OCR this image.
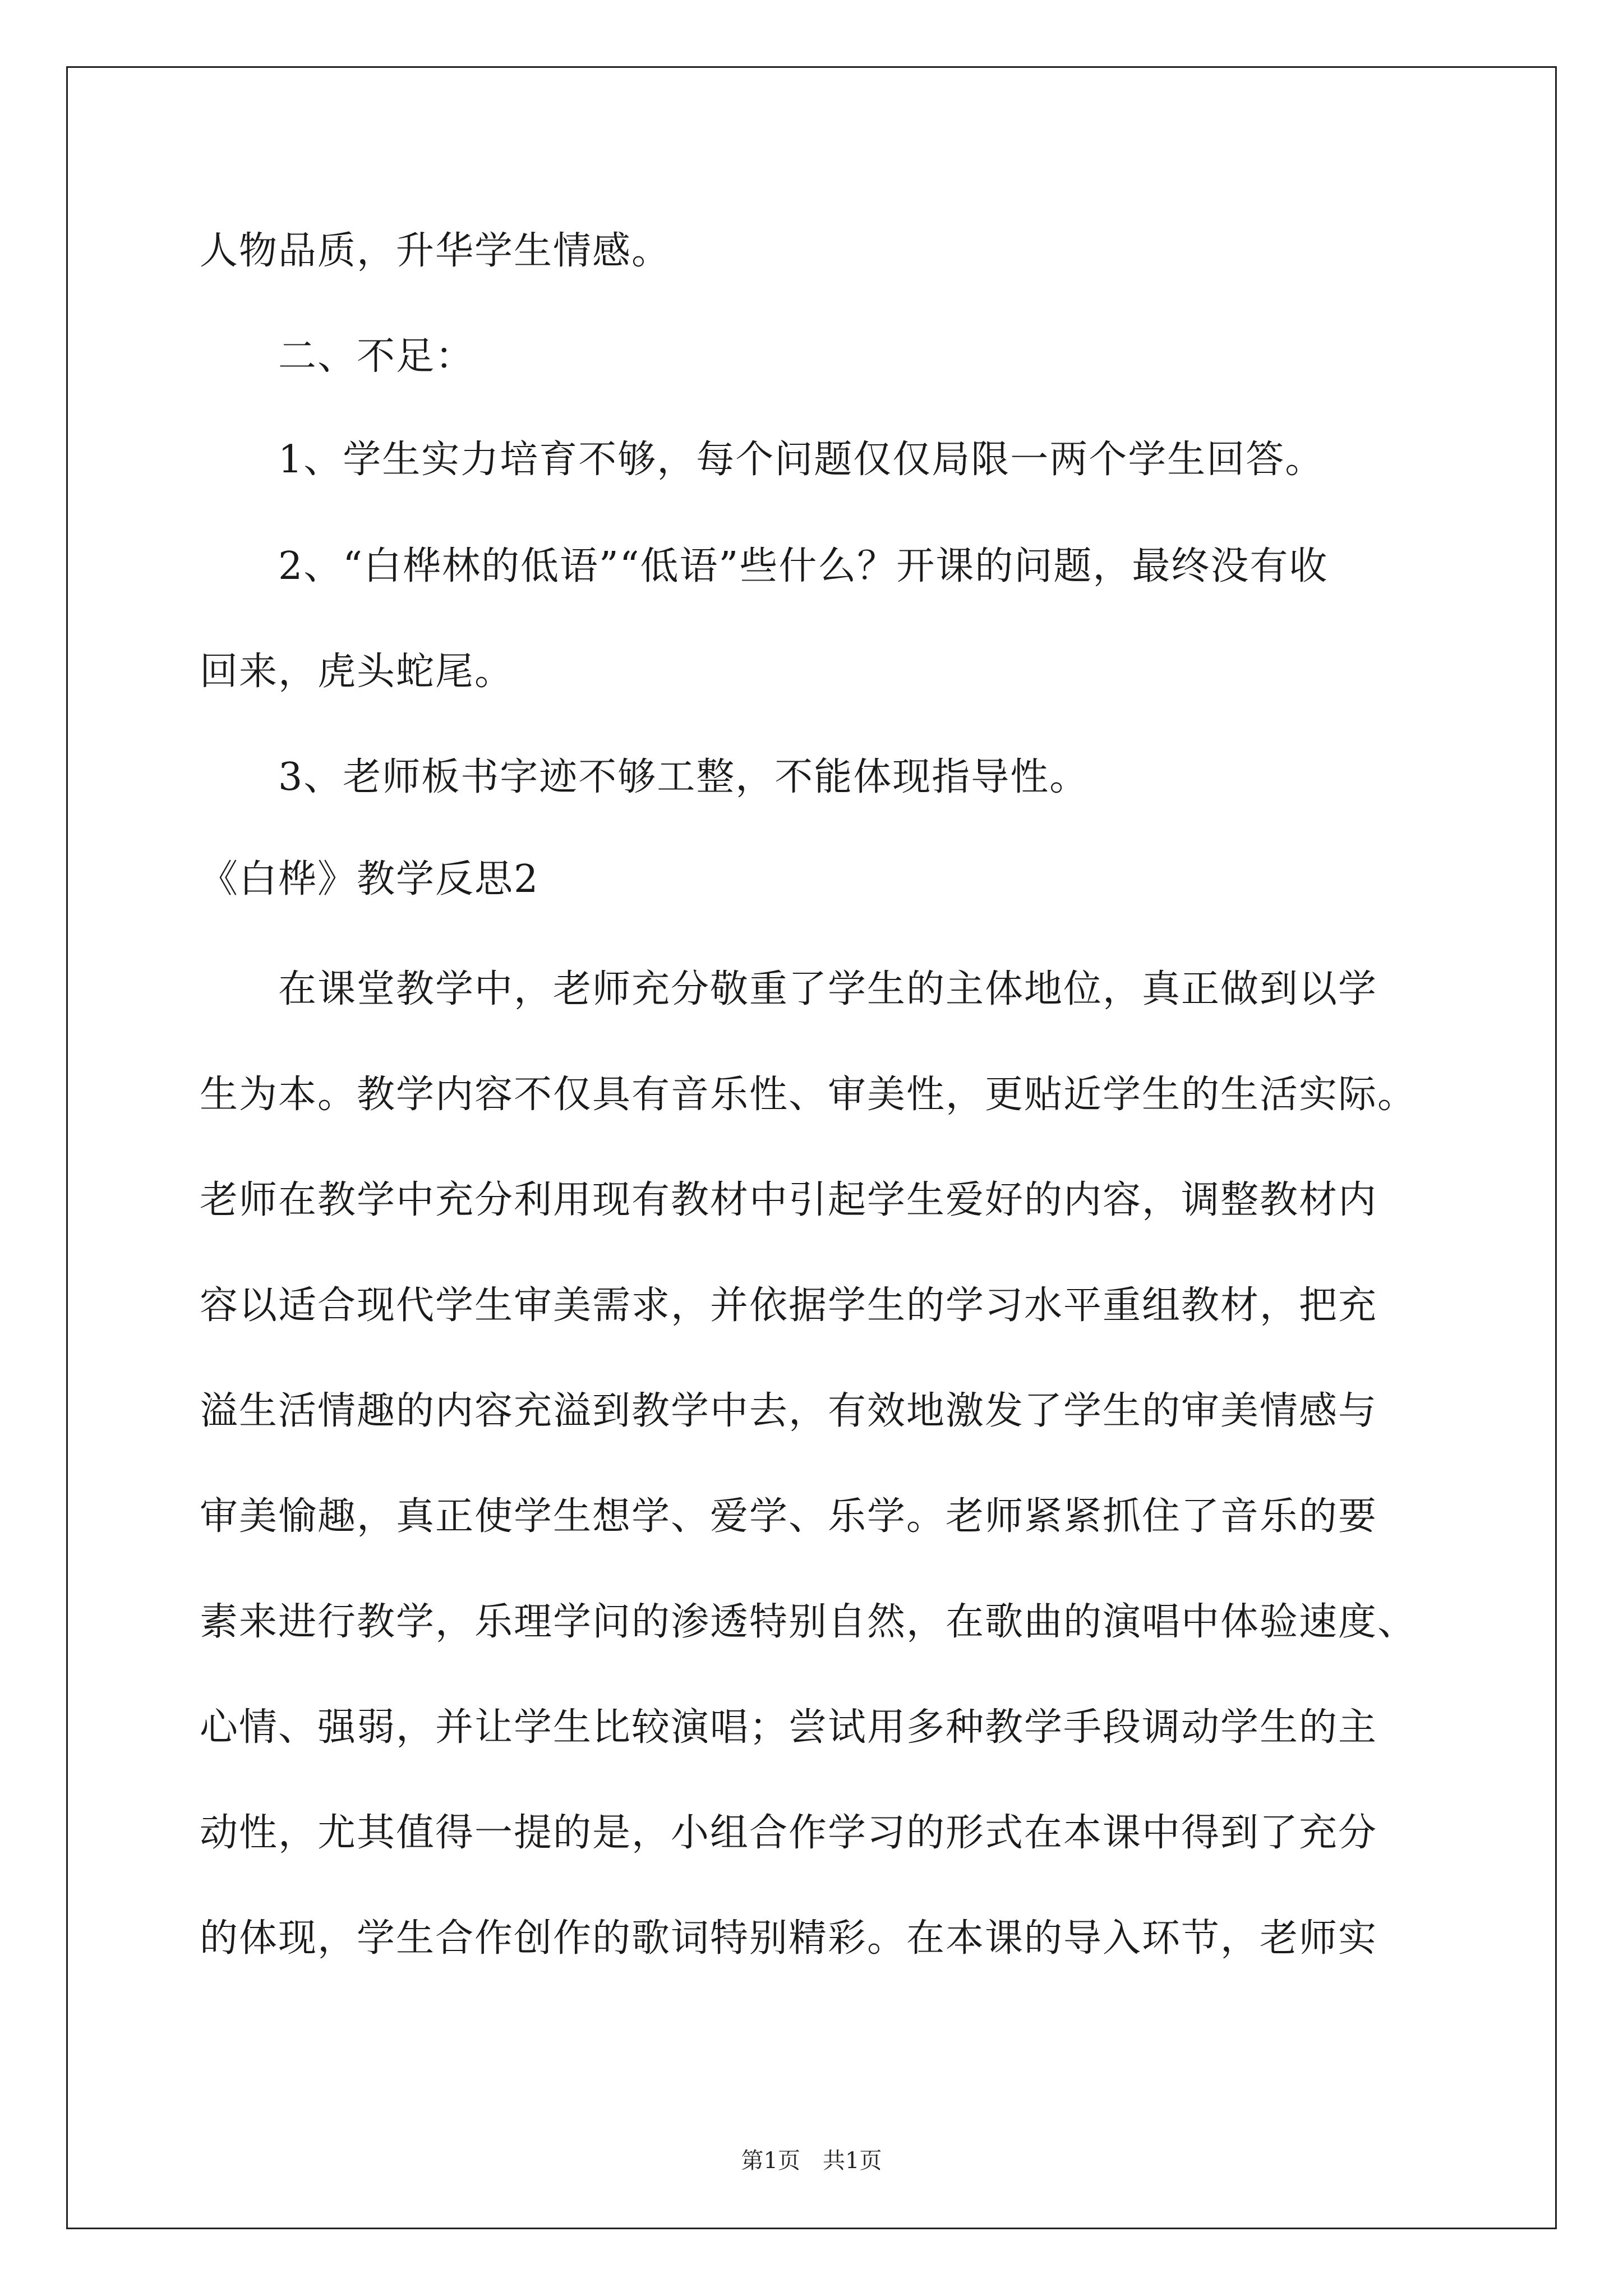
人物品质，升华学生情感。
二、不足：
1、学生实力培育不够，每个问题仅仅局限一两个学生回答。
2、“白桦林的低语”“低语”些什么？开课的问题，最终没有收
回来，虎头蛇尾。
3、老师板书字迹不够工整，不能体现指导性。
《白桦》教学反思2
在课堂教学中，老师充分敬重了学生的主体地位，真正做到以学
生为本。教学内容不仅具有音乐性、审美性，更贴近学生的生活实际。
老师在教学中充分利用现有教材中引起学生爱好的内容，调整教材内
容以适合现代学生审美需求，并依据学生的学习水平重组教材，把充
溢生活情趣的内容充溢到教学中去，有效地激发了学生的审美情感与
审美愉趣，真正使学生想学、爱学、乐学。老师紧紧抓住了音乐的要
素来进行教学，乐理学问的渗透特别自然，在歌曲的演唱中体验速度、
心情、强弱，并让学生比较演唱；尝试用多种教学手段调动学生的主
动性，尤其值得一提的是，小组合作学习的形式在本课中得到了充分
的体现，学生合作创作的歌词特别精彩。在本课的导入环节，老师实
第1页　共1页
